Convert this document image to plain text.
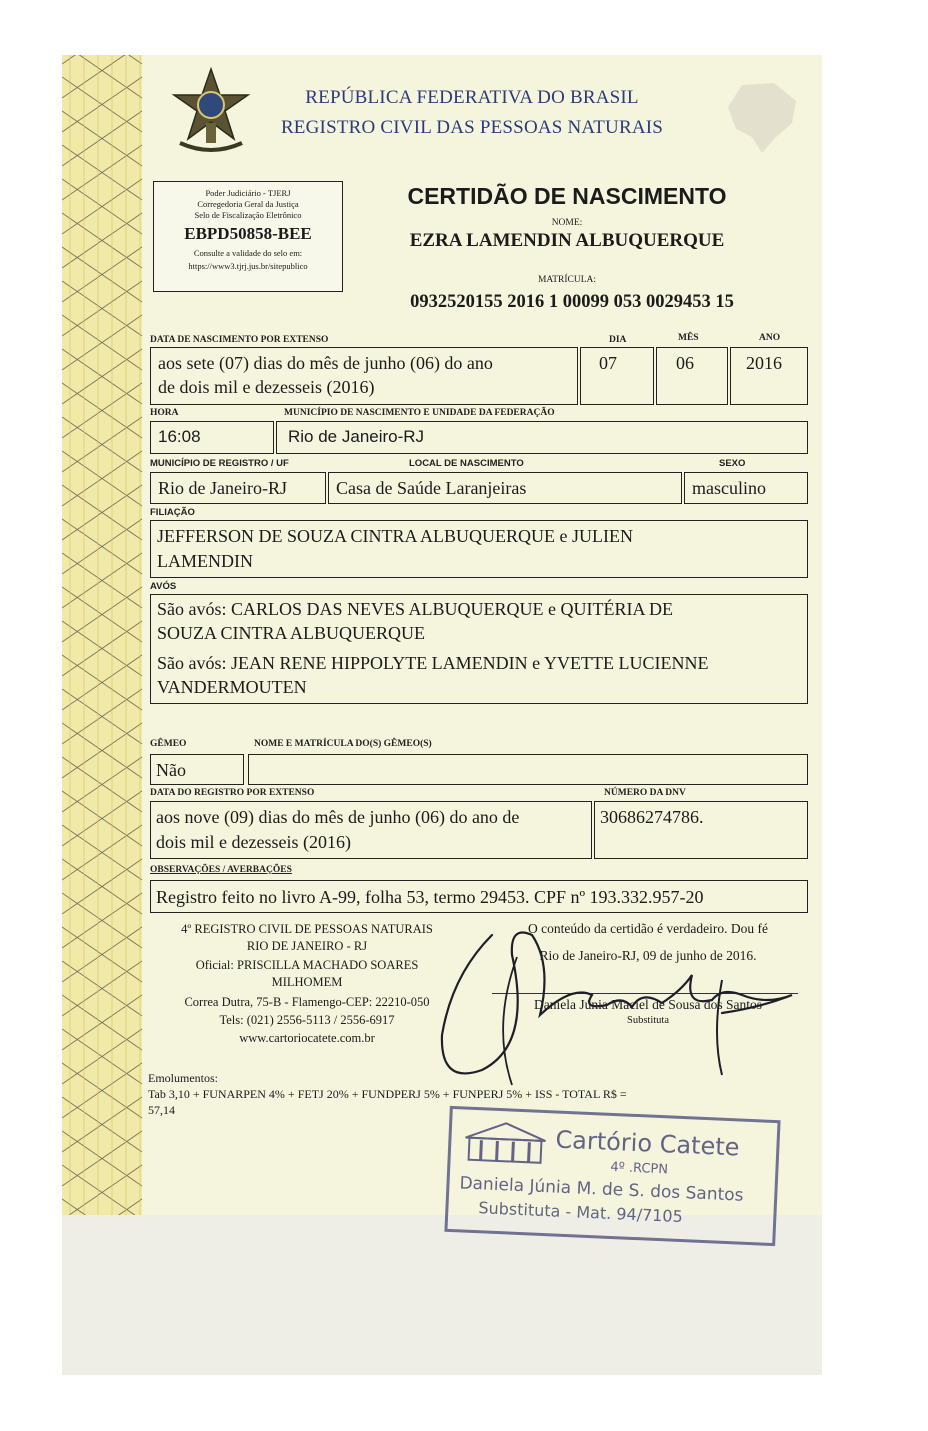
REPÚBLICA FEDERATIVA DO BRASIL
REGISTRO CIVIL DAS PESSOAS NATURAIS
Poder Judiciário - TJERJ
Corregedoria Geral da Justiça
Selo de Fiscalização Eletrônico
EBPD50858-BEE
Consulte a validade do selo em:
https://www3.tjrj.jus.br/sitepublico
CERTIDÃO DE NASCIMENTO
NOME:
EZRA LAMENDIN ALBUQUERQUE
MATRÍCULA:
0932520155 2016 1 00099 053 0029453 15
DATA DE NASCIMENTO POR EXTENSO	DIA	MÊS	ANO
aos sete (07) dias do mês de junho (06) do ano
de dois mil e dezesseis (2016)
07	06	2016
HORA	MUNICÍPIO DE NASCIMENTO E UNIDADE DA FEDERAÇÃO
16:08	Rio de Janeiro-RJ
MUNICÍPIO DE REGISTRO / UF	LOCAL DE NASCIMENTO	SEXO
Rio de Janeiro-RJ	Casa de Saúde Laranjeiras	masculino
FILIAÇÃO
JEFFERSON DE SOUZA CINTRA ALBUQUERQUE e JULIEN
LAMENDIN
AVÓS
São avós: CARLOS DAS NEVES ALBUQUERQUE e QUITÉRIA DE
SOUZA CINTRA ALBUQUERQUE
São avós: JEAN RENE HIPPOLYTE LAMENDIN e YVETTE LUCIENNE
VANDERMOUTEN
GÊMEO	NOME E MATRÍCULA DO(S) GÊMEO(S)
Não
DATA DO REGISTRO POR EXTENSO	NÚMERO DA DNV
aos nove (09) dias do mês de junho (06) do ano de
dois mil e dezesseis (2016)
30686274786.
OBSERVAÇÕES / AVERBAÇÕES
Registro feito no livro A-99, folha 53, termo 29453. CPF nº 193.332.957-20
4º REGISTRO CIVIL DE PESSOAS NATURAIS
RIO DE JANEIRO - RJ
Oficial: PRISCILLA MACHADO SOARES
MILHOMEM
Correa Dutra, 75-B - Flamengo-CEP: 22210-050
Tels: (021) 2556-5113 / 2556-6917
www.cartoriocatete.com.br
O conteúdo da certidão é verdadeiro. Dou fé
Rio de Janeiro-RJ, 09 de junho de 2016.
Daniela Júnia Maciel de Sousa dos Santos
Substituta
Emolumentos:
Tab 3,10 + FUNARPEN 4% + FETJ 20% + FUNDPERJ 5% + FUNPERJ 5% + ISS - TOTAL R$ =
57,14
Cartório Catete
4º .RCPN
Daniela Júnia M. de S. dos Santos
Substituta - Mat. 94/7105
